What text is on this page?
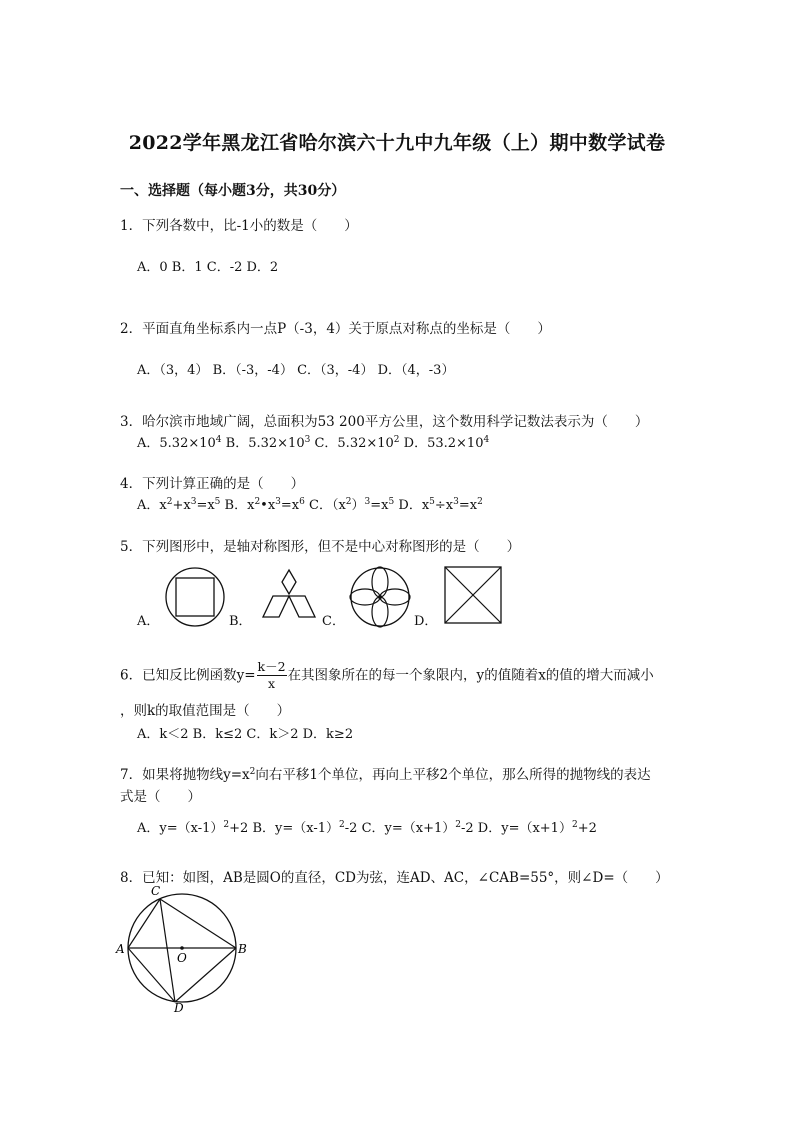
2022学年黑龙江省哈尔滨六十九中九年级（上）期中数学试卷
一、选择题（每小题3分，共30分）
1．下列各数中，比-1小的数是（　　）
A．0 B．1 C．-2 D．2
2．平面直角坐标系内一点P（-3，4）关于原点对称点的坐标是（　　）
A．（3，4） B．（-3，-4） C．（3，-4） D．（4，-3）
3．哈尔滨市地域广阔，总面积为53 200平方公里，这个数用科学记数法表示为（　　）
A．$5.32\times 10^4$ B．$5.32\times 10^3$ C．$5.32\times 10^2$ D．$53.2\times 10^4$
4．下列计算正确的是（　　）
A．$x^2+x^3=x^5$ B．$x^2•x^3=x^6$ C．$(x^2)^3=x^5$ D．$x^5\div x^3=x^2$
5．下列图形中，是轴对称图形，但不是中心对称图形的是（　　）
A．	B．	C．	D．
6．已知反比例函数$y= \frac{k-2}{x}$ 在其图象所在的每一个象限内，y的值随着x的值的增大而减小
，则k的取值范围是（　　）
A．k＜2 B．k≤2 C．k＞2 D．k≥2
7．如果将抛物线$y=x^2$向右平移1个单位，再向上平移2个单位，那么所得的抛物线的表达
式是（　　）
A．$y=(x-1)^2+2$ B．$y=(x-1)^2-2$ C．$y=(x+1)^2-2$ D．$y=(x+1)^2+2$
8．已知：如图，AB是圆O的直径，CD为弦，连AD、AC，∠CAB=55°，则∠D=（　　）
A	B
C
D
O
